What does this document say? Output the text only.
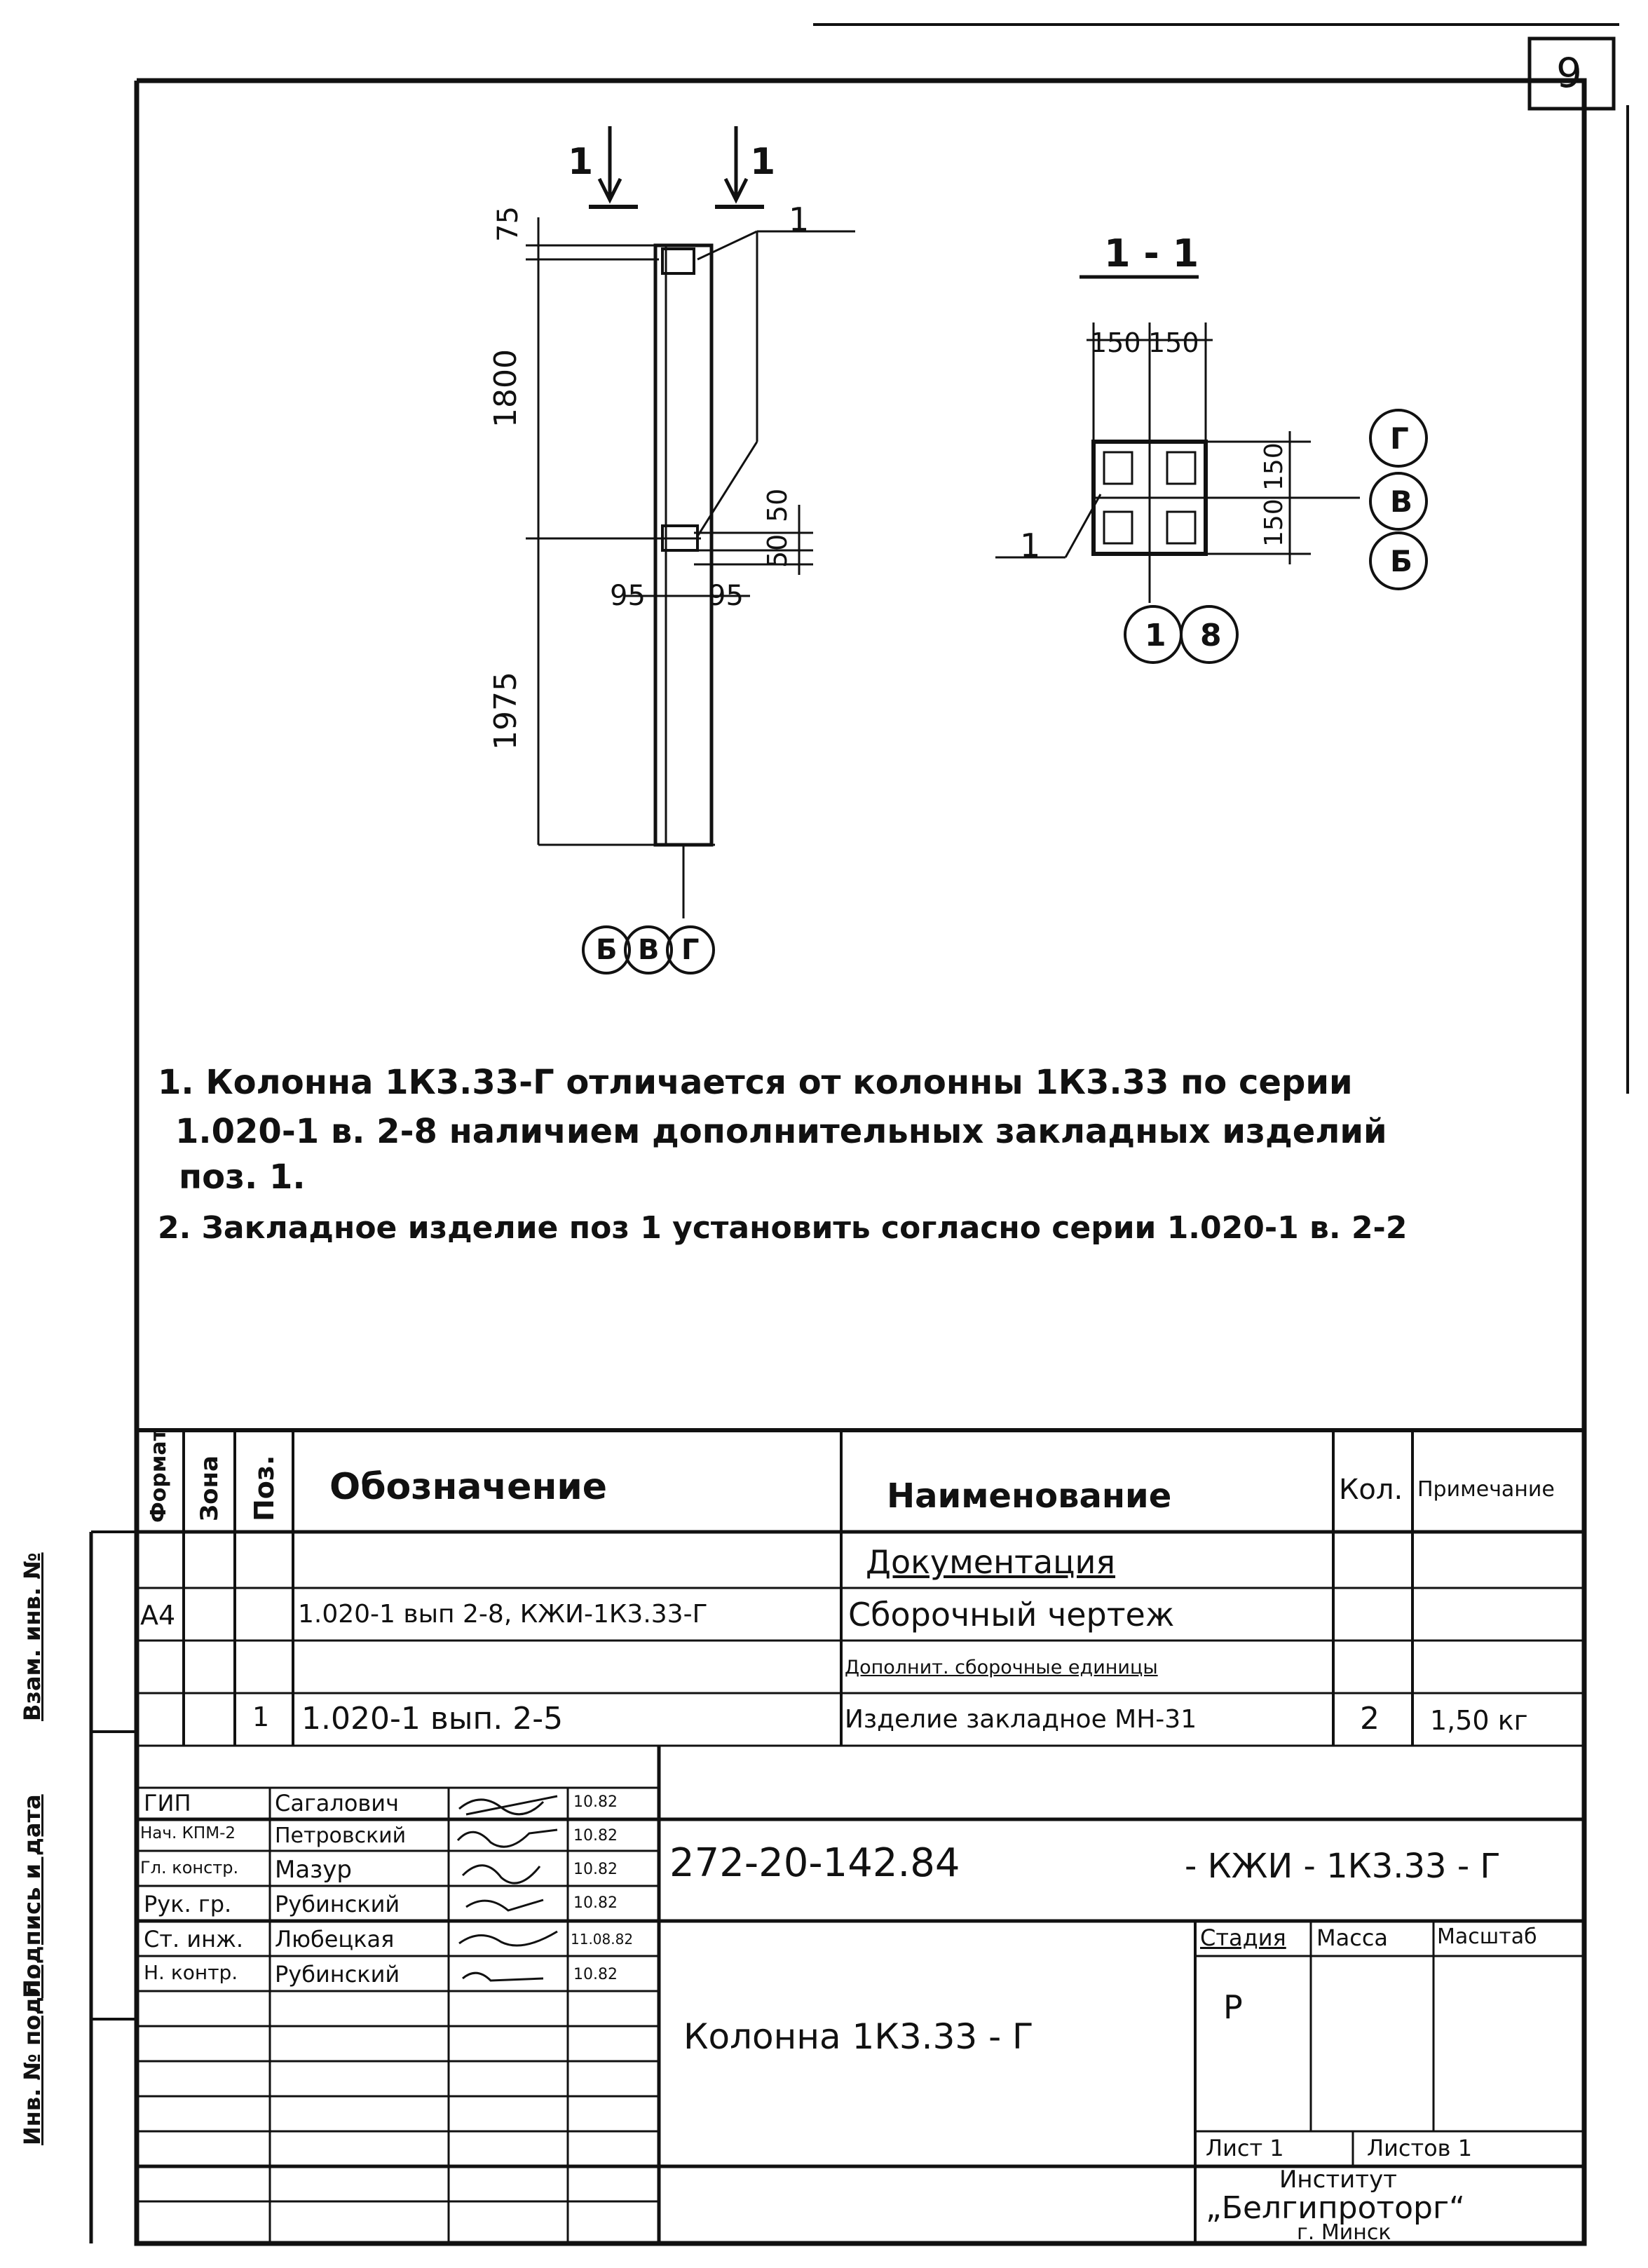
9
Инв. № подл.
Подпись и дата
Взам. инв. №
1	1
1
75
1800
50
50
1975
95 95
Б В Г
1 - 1
150 150
150
150
1
Г
В
Б
1 8
1. Колонна 1К3.33-Г отличается от колонны 1К3.33 по серии
1.020-1 в. 2-8 наличием дополнительных закладных изделий
поз. 1.
2. Закладное изделие поз 1 установить согласно серии 1.020-1 в. 2-2
Формат Зона Поз. Обозначение	Наименование	Кол. Примечание
Документация
А4	1.020-1 вып 2-8, КЖИ-1К3.33-Г	Сборочный чертеж
Дополнит. сборочные единицы
1 1.020-1 вып. 2-5	Изделие закладное МН-31	2 1,50 кг
ГИП	Сагалович	10.82
Нач. КПМ-2 Петровский	10.82
Гл. констр. Мазур	10.82
Рук. гр. Рубинский	10.82
Ст. инж. Любецкая	11.08.82
Н. контр. Рубинский	10.82
272-20-142.84	- КЖИ - 1К3.33 - Г
Колонна 1К3.33 - Г
Стадия Масса Масштаб
Р
Лист 1	Листов 1
Институт
„Белгипроторг“
г. Минск
